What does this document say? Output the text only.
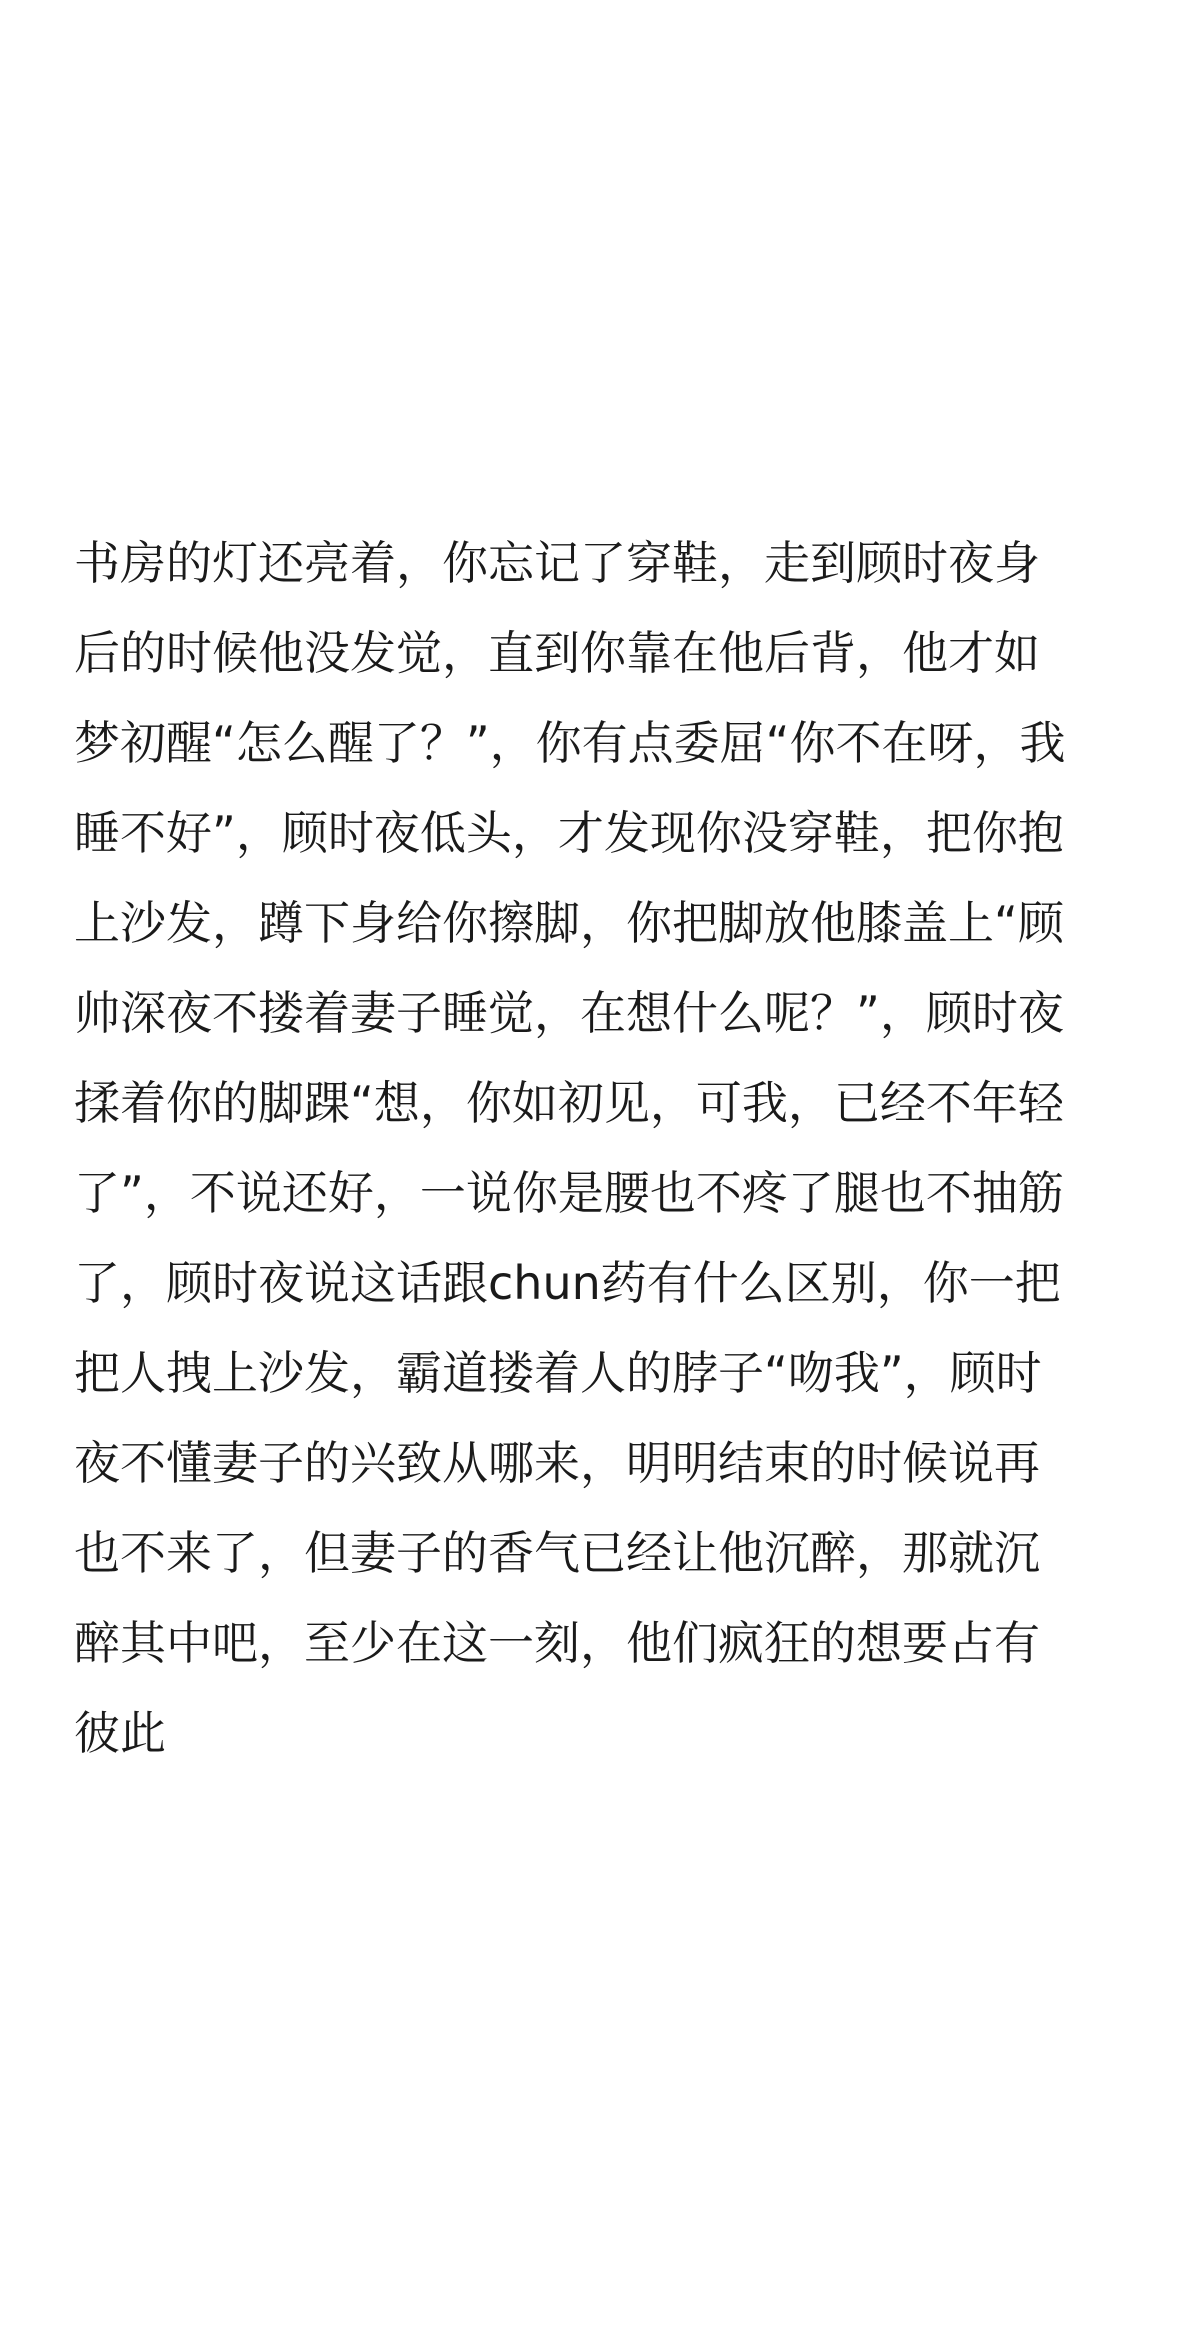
书房的灯还亮着，你忘记了穿鞋，走到顾时夜身
后的时候他没发觉，直到你靠在他后背，他才如
梦初醒“怎么醒了？”，你有点委屈“你不在呀，我
睡不好”，顾时夜低头，才发现你没穿鞋，把你抱
上沙发，蹲下身给你擦脚，你把脚放他膝盖上“顾
帅深夜不搂着妻子睡觉，在想什么呢？”，顾时夜
揉着你的脚踝“想，你如初见，可我，已经不年轻
了”，不说还好，一说你是腰也不疼了腿也不抽筋
了，顾时夜说这话跟chun药有什么区别，你一把
把人拽上沙发，霸道搂着人的脖子“吻我”，顾时
夜不懂妻子的兴致从哪来，明明结束的时候说再
也不来了，但妻子的香气已经让他沉醉，那就沉
醉其中吧，至少在这一刻，他们疯狂的想要占有
彼此
